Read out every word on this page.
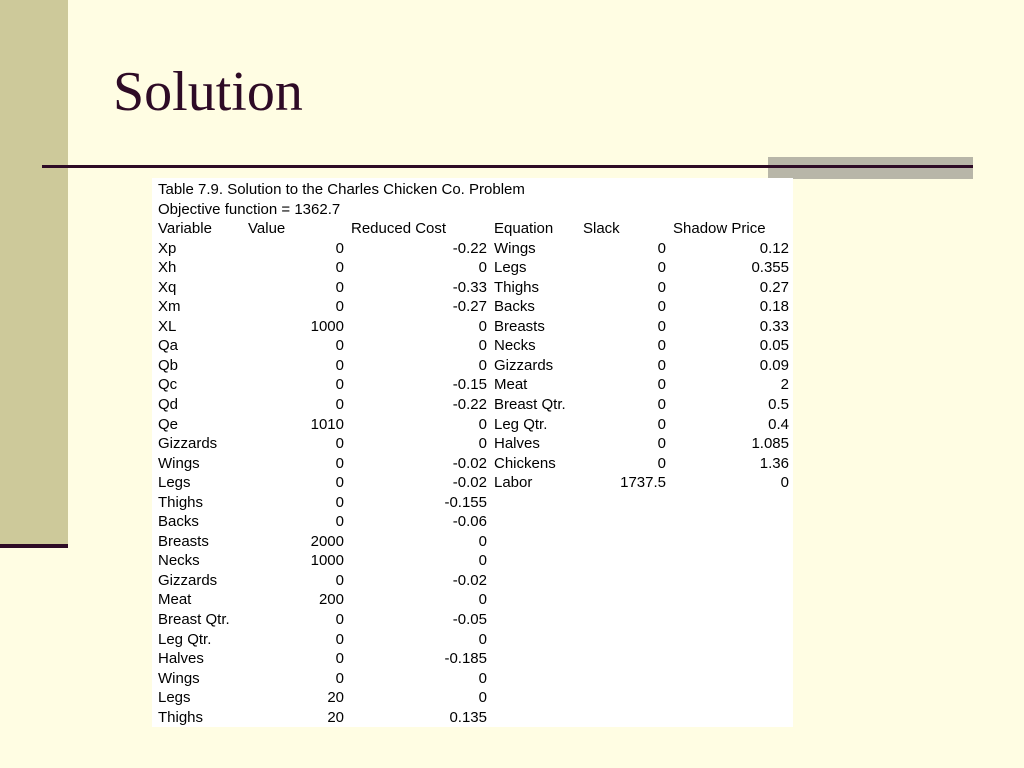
Solution
Table 7.9. Solution to the Charles Chicken Co. Problem
Objective function = 1362.7
Variable Value	Reduced Cost	Equation Slack	Shadow Price
Xp	0	-0.22 Wings	0	0.12
Xh	0	0 Legs	0	0.355
Xq	0	-0.33 Thighs	0	0.27
Xm	0	-0.27 Backs	0	0.18
XL	1000	0 Breasts	0	0.33
Qa	0	0 Necks	0	0.05
Qb	0	0 Gizzards	0	0.09
Qc	0	-0.15 Meat	0	2
Qd	0	-0.22 Breast Qtr.	0	0.5
Qe	1010	0 Leg Qtr.	0	0.4
Gizzards	0	0 Halves	0	1.085
Wings	0	-0.02 Chickens	0	1.36
Legs	0	-0.02 Labor	1737.5	0
Thighs	0	-0.155
Backs	0	-0.06
Breasts	2000	0
Necks	1000	0
Gizzards	0	-0.02
Meat	200	0
Breast Qtr.	0	-0.05
Leg Qtr.	0	0
Halves	0	-0.185
Wings	0	0
Legs	20	0
Thighs	20	0.135
